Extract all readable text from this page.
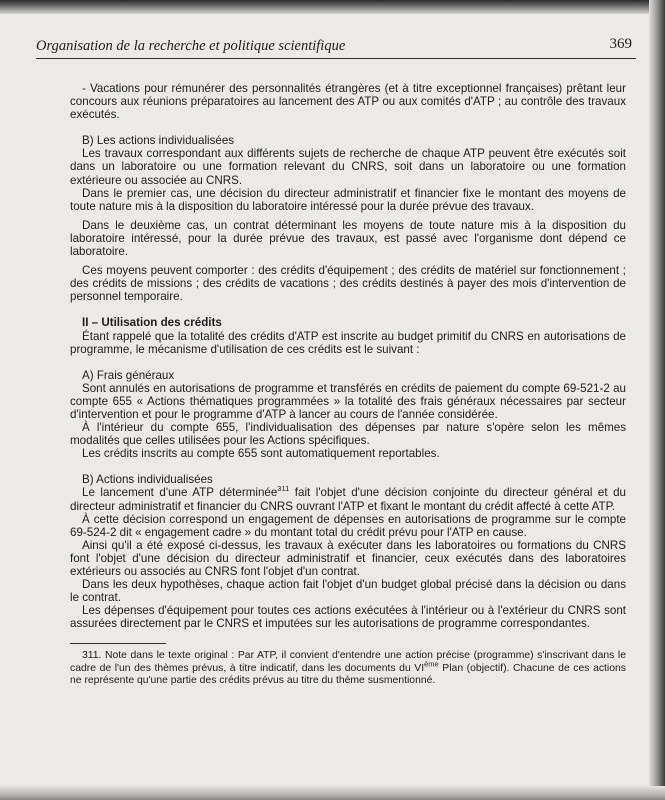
Organisation de la recherche et politique scientifique	369

- Vacations pour rémunérer des personnalités étrangères (et à titre exceptionnel françaises) prêtant leur concours aux réunions préparatoires au lancement des ATP ou aux comités d'ATP ; au contrôle des travaux exécutés.

B) Les actions individualisées

Les travaux correspondant aux différents sujets de recherche de chaque ATP peuvent être exécutés soit dans un laboratoire ou une formation relevant du CNRS, soit dans un laboratoire ou une formation extérieure ou associée au CNRS.

Dans le premier cas, une décision du directeur administratif et financier fixe le montant des moyens de toute nature mis à la disposition du laboratoire intéressé pour la durée prévue des travaux.

Dans le deuxième cas, un contrat déterminant les moyens de toute nature mis à la disposition du laboratoire intéressé, pour la durée prévue des travaux, est passé avec l'organisme dont dépend ce laboratoire.

Ces moyens peuvent comporter : des crédits d'équipement ; des crédits de matériel sur fonctionnement ; des crédits de missions ; des crédits de vacations ; des crédits destinés à payer des mois d'intervention de personnel temporaire.

II – Utilisation des crédits

Étant rappelé que la totalité des crédits d'ATP est inscrite au budget primitif du CNRS en autorisations de programme, le mécanisme d'utilisation de ces crédits est le suivant :

A) Frais généraux

Sont annulés en autorisations de programme et transférés en crédits de paiement du compte 69-521-2 au compte 655 « Actions thématiques programmées » la totalité des frais généraux nécessaires par secteur d'intervention et pour le programme d'ATP à lancer au cours de l'année considérée.

À l'intérieur du compte 655, l'individualisation des dépenses par nature s'opère selon les mêmes modalités que celles utilisées pour les Actions spécifiques.

Les crédits inscrits au compte 655 sont automatiquement reportables.

B) Actions individualisées

Le lancement d'une ATP déterminée$^{311}$ fait l'objet d'une décision conjointe du directeur général et du directeur administratif et financier du CNRS ouvrant l'ATP et fixant le montant du crédit affecté à cette ATP.

À cette décision correspond un engagement de dépenses en autorisations de programme sur le compte 69-524-2 dit « engagement cadre » du montant total du crédit prévu pour l'ATP en cause.

Ainsi qu'il a été exposé ci-dessus, les travaux à exécuter dans les laboratoires ou formations du CNRS font l'objet d'une décision du directeur administratif et financier, ceux exécutés dans des laboratoires extérieurs ou associés au CNRS font l'objet d'un contrat.

Dans les deux hypothèses, chaque action fait l'objet d'un budget global précisé dans la décision ou dans le contrat.

Les dépenses d'équipement pour toutes ces actions exécutées à l'intérieur ou à l'extérieur du CNRS sont assurées directement par le CNRS et imputées sur les autorisations de programme correspondantes.

311. Note dans le texte original : Par ATP, il convient d'entendre une action précise (programme) s'inscrivant dans le cadre de l'un des thèmes prévus, à titre indicatif, dans les documents du VIème Plan (objectif). Chacune de ces actions ne représente qu'une partie des crédits prévus au titre du thème susmentionné.
